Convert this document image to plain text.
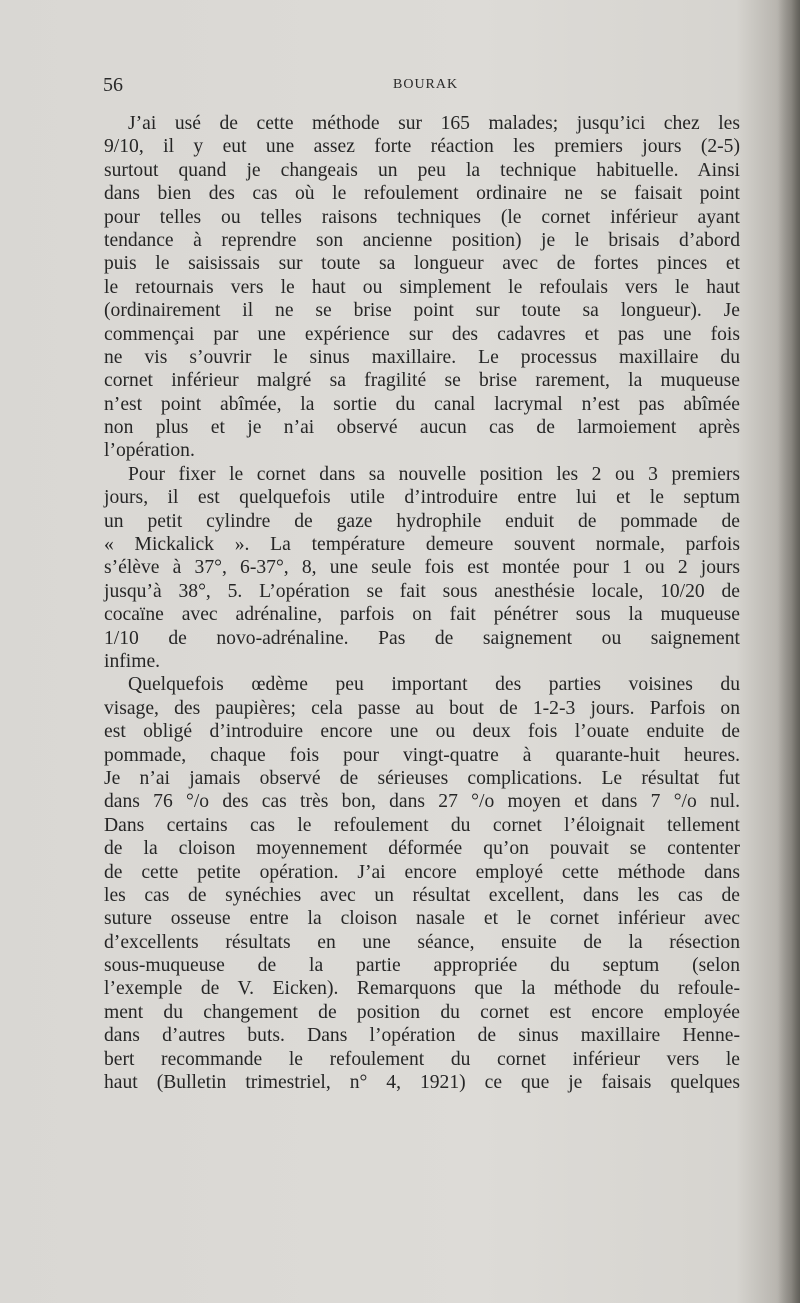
56	BOURAK
J’ai usé de cette méthode sur 165 malades; jusqu’ici chez les
9/10, il y eut une assez forte réaction les premiers jours (2-5)
surtout quand je changeais un peu la technique habituelle. Ainsi
dans bien des cas où le refoulement ordinaire ne se faisait point
pour telles ou telles raisons techniques (le cornet inférieur ayant
tendance à reprendre son ancienne position) je le brisais d’abord
puis le saisissais sur toute sa longueur avec de fortes pinces et
le retournais vers le haut ou simplement le refoulais vers le haut
(ordinairement il ne se brise point sur toute sa longueur). Je
commençai par une expérience sur des cadavres et pas une fois
ne vis s’ouvrir le sinus maxillaire. Le processus maxillaire du
cornet inférieur malgré sa fragilité se brise rarement, la muqueuse
n’est point abîmée, la sortie du canal lacrymal n’est pas abîmée
non plus et je n’ai observé aucun cas de larmoiement après
l’opération.
Pour fixer le cornet dans sa nouvelle position les 2 ou 3 premiers
jours, il est quelquefois utile d’introduire entre lui et le septum
un petit cylindre de gaze hydrophile enduit de pommade de
« Mickalick ». La température demeure souvent normale, parfois
s’élève à 37°, 6-37°, 8, une seule fois est montée pour 1 ou 2 jours
jusqu’à 38°, 5. L’opération se fait sous anesthésie locale, 10/20 de
cocaïne avec adrénaline, parfois on fait pénétrer sous la muqueuse
1/10 de novo-adrénaline. Pas de saignement ou saignement
infime.
Quelquefois œdème peu important des parties voisines du
visage, des paupières; cela passe au bout de 1-2-3 jours. Parfois on
est obligé d’introduire encore une ou deux fois l’ouate enduite de
pommade, chaque fois pour vingt-quatre à quarante-huit heures.
Je n’ai jamais observé de sérieuses complications. Le résultat fut
dans 76 °/o des cas très bon, dans 27 °/o moyen et dans 7 °/o nul.
Dans certains cas le refoulement du cornet l’éloignait tellement
de la cloison moyennement déformée qu’on pouvait se contenter
de cette petite opération. J’ai encore employé cette méthode dans
les cas de synéchies avec un résultat excellent, dans les cas de
suture osseuse entre la cloison nasale et le cornet inférieur avec
d’excellents résultats en une séance, ensuite de la résection
sous-muqueuse de la partie appropriée du septum (selon
l’exemple de V. Eicken). Remarquons que la méthode du refoule-
ment du changement de position du cornet est encore employée
dans d’autres buts. Dans l’opération de sinus maxillaire Henne-
bert recommande le refoulement du cornet inférieur vers le
haut (Bulletin trimestriel, n° 4, 1921) ce que je faisais quelques
